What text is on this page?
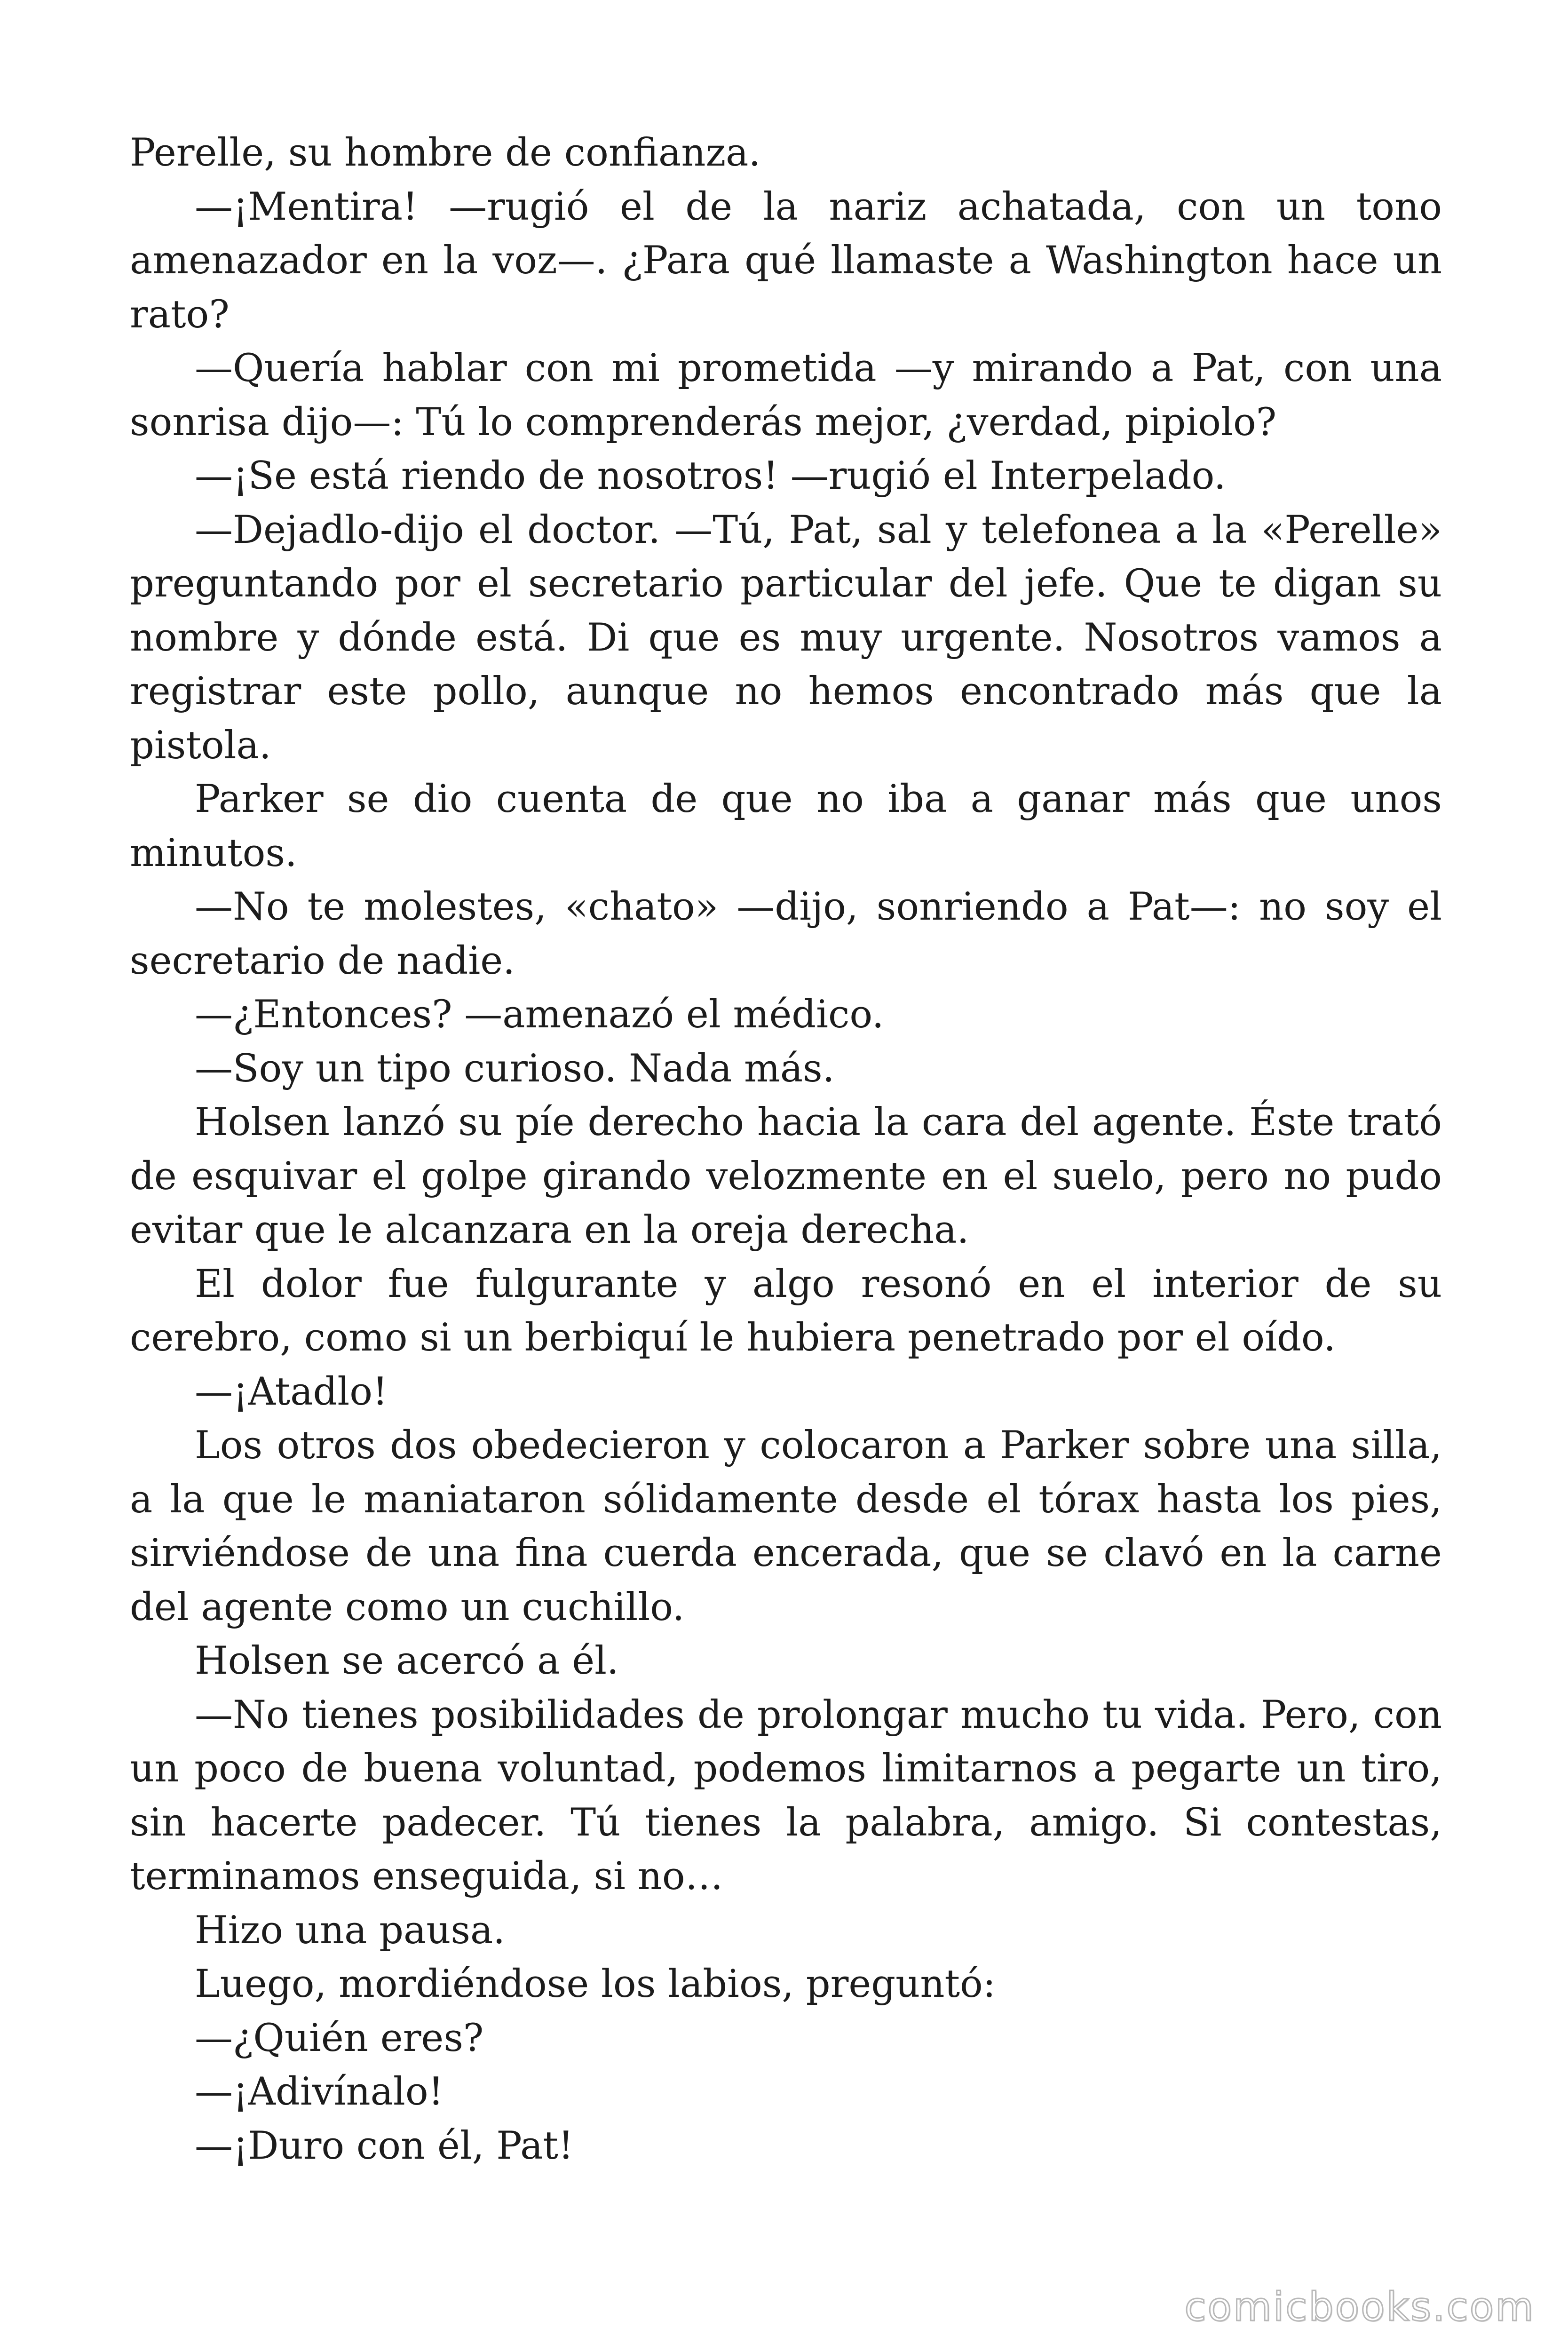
Perelle, su hombre de confianza.

—¡Mentira! —rugió el de la nariz achatada, con un tono amenazador en la voz—. ¿Para qué llamaste a Washington hace un rato?

—Quería hablar con mi prometida —y mirando a Pat, con una sonrisa dijo—: Tú lo comprenderás mejor, ¿verdad, pipiolo?

—¡Se está riendo de nosotros! —rugió el Interpelado.

—Dejadlo-dijo el doctor. —Tú, Pat, sal y telefonea a la «Perelle» preguntando por el secretario particular del jefe. Que te digan su nombre y dónde está. Di que es muy urgente. Nosotros vamos a registrar este pollo, aunque no hemos encontrado más que la pistola.

Parker se dio cuenta de que no iba a ganar más que unos minutos.

—No te molestes, «chato» —dijo, sonriendo a Pat—: no soy el secretario de nadie.

—¿Entonces? —amenazó el médico.

—Soy un tipo curioso. Nada más.

Holsen lanzó su píe derecho hacia la cara del agente. Éste trató de esquivar el golpe girando velozmente en el suelo, pero no pudo evitar que le alcanzara en la oreja derecha.

El dolor fue fulgurante y algo resonó en el interior de su cerebro, como si un berbiquí le hubiera penetrado por el oído.

—¡Atadlo!

Los otros dos obedecieron y colocaron a Parker sobre una silla, a la que le maniataron sólidamente desde el tórax hasta los pies, sirviéndose de una fina cuerda encerada, que se clavó en la carne del agente como un cuchillo.

Holsen se acercó a él.

—No tienes posibilidades de prolongar mucho tu vida. Pero, con un poco de buena voluntad, podemos limitarnos a pegarte un tiro, sin hacerte padecer. Tú tienes la palabra, amigo. Si contestas, terminamos enseguida, si no…

Hizo una pausa.

Luego, mordiéndose los labios, preguntó:

—¿Quién eres?

—¡Adivínalo!

—¡Duro con él, Pat!

comicbooks.com
